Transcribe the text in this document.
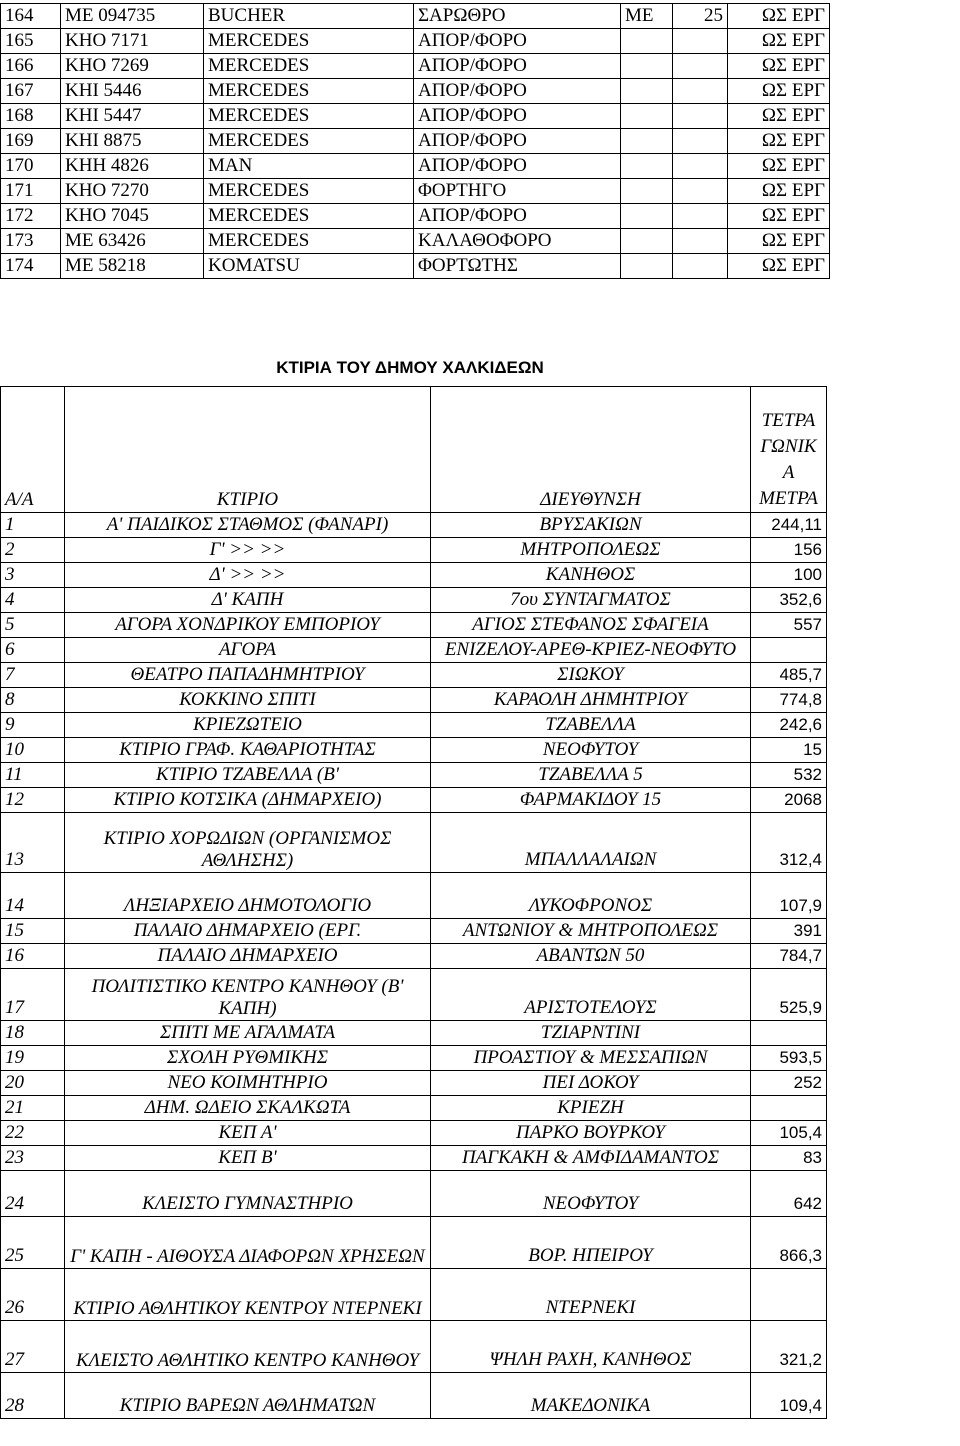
164	ΜΕ 094735	BUCHER	ΣΑΡΩΘΡΟ	ΜΕ	25	ΩΣ ΕΡΓ
165	ΚΗΟ 7171	MERCEDES	ΑΠΟΡ/ΦΟΡΟ			ΩΣ ΕΡΓ
166	ΚΗΟ 7269	MERCEDES	ΑΠΟΡ/ΦΟΡΟ			ΩΣ ΕΡΓ
167	ΚΗΙ 5446	MERCEDES	ΑΠΟΡ/ΦΟΡΟ			ΩΣ ΕΡΓ
168	ΚΗΙ 5447	MERCEDES	ΑΠΟΡ/ΦΟΡΟ			ΩΣ ΕΡΓ
169	ΚΗΙ 8875	MERCEDES	ΑΠΟΡ/ΦΟΡΟ			ΩΣ ΕΡΓ
170	ΚΗΗ 4826	MAN	ΑΠΟΡ/ΦΟΡΟ			ΩΣ ΕΡΓ
171	ΚΗΟ 7270	MERCEDES	ΦΟΡΤΗΓΟ			ΩΣ ΕΡΓ
172	ΚΗΟ 7045	MERCEDES	ΑΠΟΡ/ΦΟΡΟ			ΩΣ ΕΡΓ
173	ΜΕ 63426	MERCEDES	ΚΑΛΑΘΟΦΟΡΟ			ΩΣ ΕΡΓ
174	ΜΕ 58218	KOMATSU	ΦΟΡΤΩΤΗΣ			ΩΣ ΕΡΓ
ΚΤΙΡΙΑ ΤΟΥ ΔΗΜΟΥ ΧΑΛΚΙΔΕΩΝ
Α/Α	ΚΤΙΡΙΟ	ΔΙΕΥΘΥΝΣΗ	ΤΕΤΡΑ ΓΩΝΙΚ Α ΜΕΤΡΑ
1	Α' ΠΑΙΔΙΚΟΣ ΣΤΑΘΜΟΣ (ΦΑΝΑΡΙ)	ΒΡΥΣΑΚΙΩΝ	244,11
2	Γ' >> >>	ΜΗΤΡΟΠΟΛΕΩΣ	156
3	Δ' >> >>	ΚΑΝΗΘΟΣ	100
4	Δ' ΚΑΠΗ	7ου ΣΥΝΤΑΓΜΑΤΟΣ	352,6
5	ΑΓΟΡΑ ΧΟΝΔΡΙΚΟΥ ΕΜΠΟΡΙΟΥ	ΑΓΙΟΣ ΣΤΕΦΑΝΟΣ ΣΦΑΓΕΙΑ	557
6	ΑΓΟΡΑ	ΕΝΙΖΕΛΟΥ-ΑΡΕΘ-ΚΡΙΕΖ-ΝΕΟΦΥΤΟ	
7	ΘΕΑΤΡΟ ΠΑΠΑΔΗΜΗΤΡΙΟΥ	ΣΙΩΚΟΥ	485,7
8	ΚΟΚΚΙΝΟ ΣΠΙΤΙ	ΚΑΡΑΟΛΗ ΔΗΜΗΤΡΙΟΥ	774,8
9	ΚΡΙΕΖΩΤΕΙΟ	ΤΖΑΒΕΛΛΑ	242,6
10	ΚΤΙΡΙΟ ΓΡΑΦ. ΚΑΘΑΡΙΟΤΗΤΑΣ	ΝΕΟΦΥΤΟΥ	15
11	ΚΤΙΡΙΟ ΤΖΑΒΕΛΛΑ (Β'	ΤΖΑΒΕΛΛΑ 5	532
12	ΚΤΙΡΙΟ ΚΟΤΣΙΚΑ (ΔΗΜΑΡΧΕΙΟ)	ΦΑΡΜΑΚΙΔΟΥ 15	2068
13	ΚΤΙΡΙΟ ΧΟΡΩΔΙΩΝ (ΟΡΓΑΝΙΣΜΟΣ ΑΘΛΗΣΗΣ)	ΜΠΑΛΛΑΛΑΙΩΝ	312,4
14	ΛΗΞΙΑΡΧΕΙΟ ΔΗΜΟΤΟΛΟΓΙΟ	ΛΥΚΟΦΡΟΝΟΣ	107,9
15	ΠΑΛΑΙΟ ΔΗΜΑΡΧΕΙΟ (ΕΡΓ.	ΑΝΤΩΝΙΟΥ & ΜΗΤΡΟΠΟΛΕΩΣ	391
16	ΠΑΛΑΙΟ ΔΗΜΑΡΧΕΙΟ	ΑΒΑΝΤΩΝ 50	784,7
17	ΠΟΛΙΤΙΣΤΙΚΟ ΚΕΝΤΡΟ ΚΑΝΗΘΟΥ (Β' ΚΑΠΗ)	ΑΡΙΣΤΟΤΕΛΟΥΣ	525,9
18	ΣΠΙΤΙ ΜΕ ΑΓΑΛΜΑΤΑ	ΤΖΙΑΡΝΤΙΝΙ	
19	ΣΧΟΛΗ ΡΥΘΜΙΚΗΣ	ΠΡΟΑΣΤΙΟΥ & ΜΕΣΣΑΠΙΩΝ	593,5
20	ΝΕΟ ΚΟΙΜΗΤΗΡΙΟ	ΠΕΙ ΔΟΚΟΥ	252
21	ΔΗΜ. ΩΔΕΙΟ ΣΚΑΛΚΩΤΑ	ΚΡΙΕΖΗ	
22	ΚΕΠ Α'	ΠΑΡΚΟ ΒΟΥΡΚΟΥ	105,4
23	ΚΕΠ Β'	ΠΑΓΚΑΚΗ & ΑΜΦΙΔΑΜΑΝΤΟΣ	83
24	ΚΛΕΙΣΤΟ ΓΥΜΝΑΣΤΗΡΙΟ	ΝΕΟΦΥΤΟΥ	642
25	Γ' ΚΑΠΗ - ΑΙΘΟΥΣΑ ΔΙΑΦΟΡΩΝ ΧΡΗΣΕΩΝ	ΒΟΡ. ΗΠΕΙΡΟΥ	866,3
26	ΚΤΙΡΙΟ ΑΘΛΗΤΙΚΟΥ ΚΕΝΤΡΟΥ ΝΤΕΡΝΕΚΙ	ΝΤΕΡΝΕΚΙ	
27	ΚΛΕΙΣΤΟ ΑΘΛΗΤΙΚΟ ΚΕΝΤΡΟ ΚΑΝΗΘΟΥ	ΨΗΛΗ ΡΑΧΗ, ΚΑΝΗΘΟΣ	321,2
28	ΚΤΙΡΙΟ ΒΑΡΕΩΝ ΑΘΛΗΜΑΤΩΝ	ΜΑΚΕΔΟΝΙΚΑ	109,4
